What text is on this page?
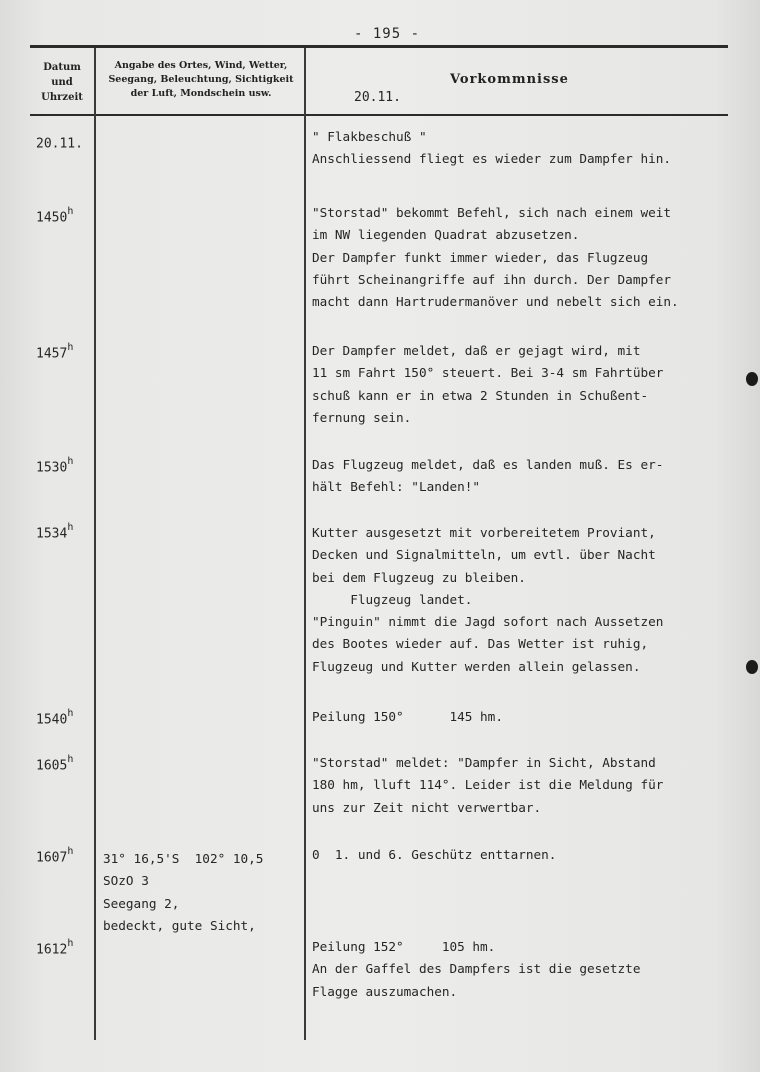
- 195 -
Datum
und
Uhrzeit
Angabe des Ortes, Wind, Wetter,
Seegang, Beleuchtung, Sichtigkeit
der Luft, Mondschein usw.
Vorkommnisse
20.11.
20.11.
1450$^h$
1457$^h$
1530$^h$
1534$^h$
1540$^h$
1605$^h$
1607$^h$
1612$^h$
31° 16,5'S  102° 10,5
SOzO 3
Seegang 2,
bedeckt, gute Sicht,
" Flakbeschuß "
Anschliessend fliegt es wieder zum Dampfer hin.
"Storstad" bekommt Befehl, sich nach einem weit
im NW liegenden Quadrat abzusetzen.
Der Dampfer funkt immer wieder, das Flugzeug
führt Scheinangriffe auf ihn durch. Der Dampfer
macht dann Hartrudermanöver und nebelt sich ein.
Der Dampfer meldet, daß er gejagt wird, mit
11 sm Fahrt 150° steuert. Bei 3-4 sm Fahrtüber
schuß kann er in etwa 2 Stunden in Schußent-
fernung sein.
Das Flugzeug meldet, daß es landen muß. Es er-
hält Befehl: "Landen!"
Kutter ausgesetzt mit vorbereitetem Proviant,
Decken und Signalmitteln, um evtl. über Nacht
bei dem Flugzeug zu bleiben.
Flugzeug landet.
"Pinguin" nimmt die Jagd sofort nach Aussetzen
des Bootes wieder auf. Das Wetter ist ruhig,
Flugzeug und Kutter werden allein gelassen.
Peilung 150°      145 hm.
"Storstad" meldet: "Dampfer in Sicht, Abstand
180 hm, lluft 114°. Leider ist die Meldung für
uns zur Zeit nicht verwertbar.
0  1. und 6. Geschütz enttarnen.
Peilung 152°     105 hm.
An der Gaffel des Dampfers ist die gesetzte
Flagge auszumachen.
